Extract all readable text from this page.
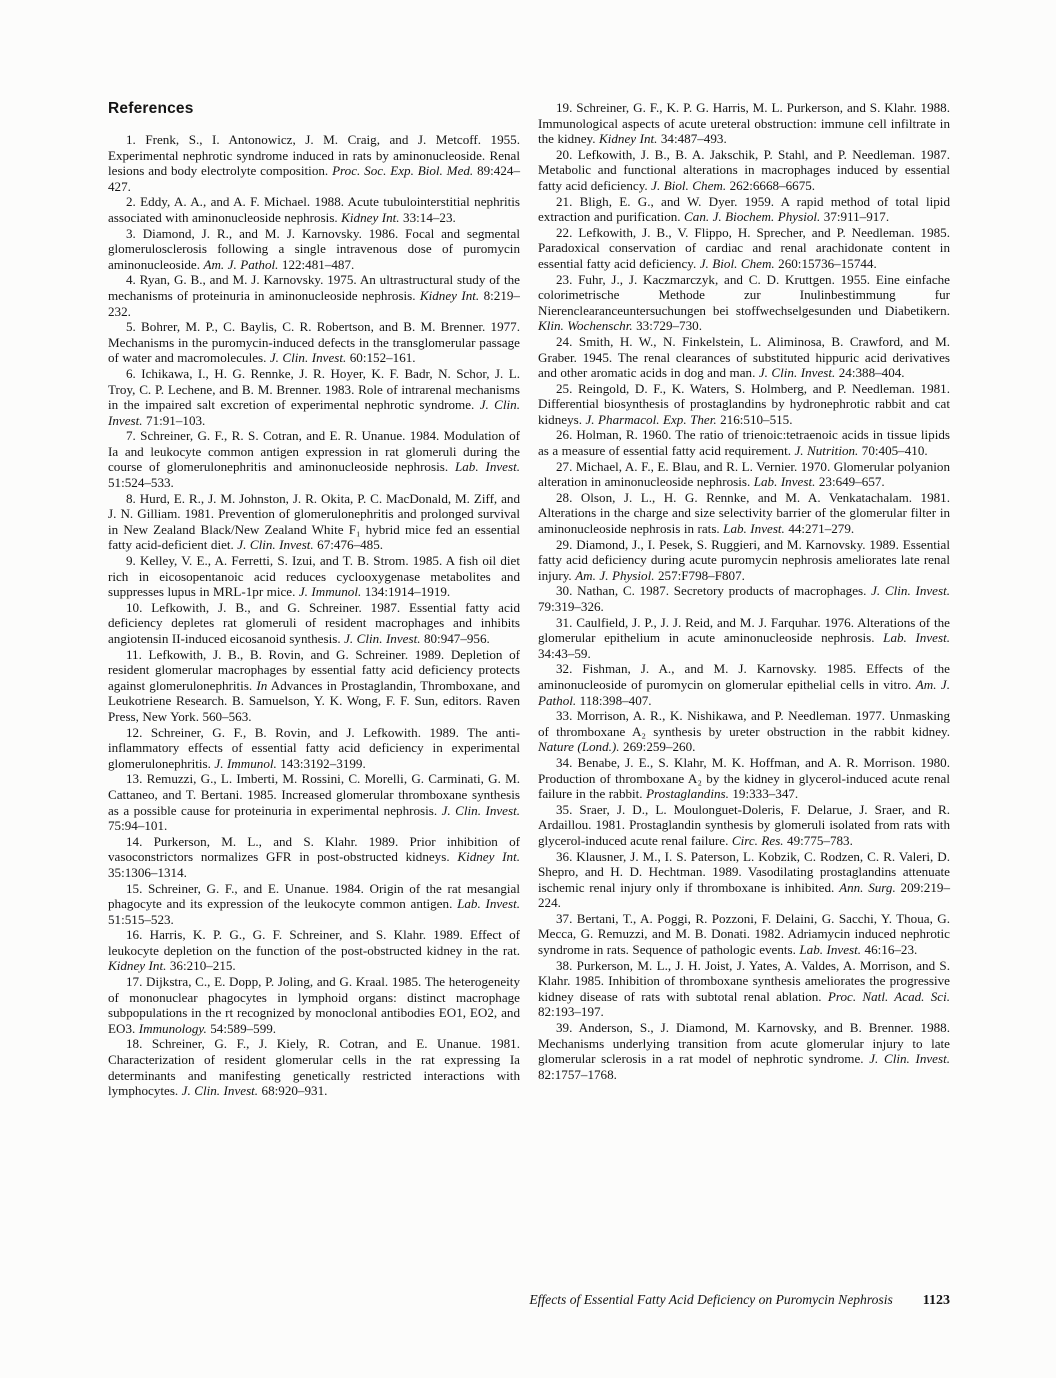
References

1. Frenk, S., I. Antonowicz, J. M. Craig, and J. Metcoff. 1955. Experimental nephrotic syndrome induced in rats by aminonucleoside. Renal lesions and body electrolyte composition. Proc. Soc. Exp. Biol. Med. 89:424–427.

2. Eddy, A. A., and A. F. Michael. 1988. Acute tubulointerstitial nephritis associated with aminonucleoside nephrosis. Kidney Int. 33:14–23.

3. Diamond, J. R., and M. J. Karnovsky. 1986. Focal and segmental glomerulosclerosis following a single intravenous dose of puromycin aminonucleoside. Am. J. Pathol. 122:481–487.

4. Ryan, G. B., and M. J. Karnovsky. 1975. An ultrastructural study of the mechanisms of proteinuria in aminonucleoside nephrosis. Kidney Int. 8:219–232.

5. Bohrer, M. P., C. Baylis, C. R. Robertson, and B. M. Brenner. 1977. Mechanisms in the puromycin-induced defects in the transglomerular passage of water and macromolecules. J. Clin. Invest. 60:152–161.

6. Ichikawa, I., H. G. Rennke, J. R. Hoyer, K. F. Badr, N. Schor, J. L. Troy, C. P. Lechene, and B. M. Brenner. 1983. Role of intrarenal mechanisms in the impaired salt excretion of experimental nephrotic syndrome. J. Clin. Invest. 71:91–103.

7. Schreiner, G. F., R. S. Cotran, and E. R. Unanue. 1984. Modulation of Ia and leukocyte common antigen expression in rat glomeruli during the course of glomerulonephritis and aminonucleoside nephrosis. Lab. Invest. 51:524–533.

8. Hurd, E. R., J. M. Johnston, J. R. Okita, P. C. MacDonald, M. Ziff, and J. N. Gilliam. 1981. Prevention of glomerulonephritis and prolonged survival in New Zealand Black/New Zealand White F₁ hybrid mice fed an essential fatty acid-deficient diet. J. Clin. Invest. 67:476–485.

9. Kelley, V. E., A. Ferretti, S. Izui, and T. B. Strom. 1985. A fish oil diet rich in eicosopentanoic acid reduces cyclooxygenase metabolites and suppresses lupus in MRL-1pr mice. J. Immunol. 134:1914–1919.

10. Lefkowith, J. B., and G. Schreiner. 1987. Essential fatty acid deficiency depletes rat glomeruli of resident macrophages and inhibits angiotensin II-induced eicosanoid synthesis. J. Clin. Invest. 80:947–956.

11. Lefkowith, J. B., B. Rovin, and G. Schreiner. 1989. Depletion of resident glomerular macrophages by essential fatty acid deficiency protects against glomerulonephritis. In Advances in Prostaglandin, Thromboxane, and Leukotriene Research. B. Samuelson, Y. K. Wong, F. F. Sun, editors. Raven Press, New York. 560–563.

12. Schreiner, G. F., B. Rovin, and J. Lefkowith. 1989. The anti-inflammatory effects of essential fatty acid deficiency in experimental glomerulonephritis. J. Immunol. 143:3192–3199.

13. Remuzzi, G., L. Imberti, M. Rossini, C. Morelli, G. Carminati, G. M. Cattaneo, and T. Bertani. 1985. Increased glomerular thromboxane synthesis as a possible cause for proteinuria in experimental nephrosis. J. Clin. Invest. 75:94–101.

14. Purkerson, M. L., and S. Klahr. 1989. Prior inhibition of vasoconstrictors normalizes GFR in post-obstructed kidneys. Kidney Int. 35:1306–1314.

15. Schreiner, G. F., and E. Unanue. 1984. Origin of the rat mesangial phagocyte and its expression of the leukocyte common antigen. Lab. Invest. 51:515–523.

16. Harris, K. P. G., G. F. Schreiner, and S. Klahr. 1989. Effect of leukocyte depletion on the function of the post-obstructed kidney in the rat. Kidney Int. 36:210–215.

17. Dijkstra, C., E. Dopp, P. Joling, and G. Kraal. 1985. The heterogeneity of mononuclear phagocytes in lymphoid organs: distinct macrophage subpopulations in the rt recognized by monoclonal antibodies EO1, EO2, and EO3. Immunology. 54:589–599.

18. Schreiner, G. F., J. Kiely, R. Cotran, and E. Unanue. 1981. Characterization of resident glomerular cells in the rat expressing Ia determinants and manifesting genetically restricted interactions with lymphocytes. J. Clin. Invest. 68:920–931.

19. Schreiner, G. F., K. P. G. Harris, M. L. Purkerson, and S. Klahr. 1988. Immunological aspects of acute ureteral obstruction: immune cell infiltrate in the kidney. Kidney Int. 34:487–493.

20. Lefkowith, J. B., B. A. Jakschik, P. Stahl, and P. Needleman. 1987. Metabolic and functional alterations in macrophages induced by essential fatty acid deficiency. J. Biol. Chem. 262:6668–6675.

21. Bligh, E. G., and W. Dyer. 1959. A rapid method of total lipid extraction and purification. Can. J. Biochem. Physiol. 37:911–917.

22. Lefkowith, J. B., V. Flippo, H. Sprecher, and P. Needleman. 1985. Paradoxical conservation of cardiac and renal arachidonate content in essential fatty acid deficiency. J. Biol. Chem. 260:15736–15744.

23. Fuhr, J., J. Kaczmarczyk, and C. D. Kruttgen. 1955. Eine einfache colorimetrische Methode zur Inulinbestimmung fur Nierenclearanceuntersuchungen bei stoffwechselgesunden und Diabetikern. Klin. Wochenschr. 33:729–730.

24. Smith, H. W., N. Finkelstein, L. Aliminosa, B. Crawford, and M. Graber. 1945. The renal clearances of substituted hippuric acid derivatives and other aromatic acids in dog and man. J. Clin. Invest. 24:388–404.

25. Reingold, D. F., K. Waters, S. Holmberg, and P. Needleman. 1981. Differential biosynthesis of prostaglandins by hydronephrotic rabbit and cat kidneys. J. Pharmacol. Exp. Ther. 216:510–515.

26. Holman, R. 1960. The ratio of trienoic:tetraenoic acids in tissue lipids as a measure of essential fatty acid requirement. J. Nutrition. 70:405–410.

27. Michael, A. F., E. Blau, and R. L. Vernier. 1970. Glomerular polyanion alteration in aminonucleoside nephrosis. Lab. Invest. 23:649–657.

28. Olson, J. L., H. G. Rennke, and M. A. Venkatachalam. 1981. Alterations in the charge and size selectivity barrier of the glomerular filter in aminonucleoside nephrosis in rats. Lab. Invest. 44:271–279.

29. Diamond, J., I. Pesek, S. Ruggieri, and M. Karnovsky. 1989. Essential fatty acid deficiency during acute puromycin nephrosis ameliorates late renal injury. Am. J. Physiol. 257:F798–F807.

30. Nathan, C. 1987. Secretory products of macrophages. J. Clin. Invest. 79:319–326.

31. Caulfield, J. P., J. J. Reid, and M. J. Farquhar. 1976. Alterations of the glomerular epithelium in acute aminonucleoside nephrosis. Lab. Invest. 34:43–59.

32. Fishman, J. A., and M. J. Karnovsky. 1985. Effects of the aminonucleoside of puromycin on glomerular epithelial cells in vitro. Am. J. Pathol. 118:398–407.

33. Morrison, A. R., K. Nishikawa, and P. Needleman. 1977. Unmasking of thromboxane A₂ synthesis by ureter obstruction in the rabbit kidney. Nature (Lond.). 269:259–260.

34. Benabe, J. E., S. Klahr, M. K. Hoffman, and A. R. Morrison. 1980. Production of thromboxane A₂ by the kidney in glycerol-induced acute renal failure in the rabbit. Prostaglandins. 19:333–347.

35. Sraer, J. D., L. Moulonguet-Doleris, F. Delarue, J. Sraer, and R. Ardaillou. 1981. Prostaglandin synthesis by glomeruli isolated from rats with glycerol-induced acute renal failure. Circ. Res. 49:775–783.

36. Klausner, J. M., I. S. Paterson, L. Kobzik, C. Rodzen, C. R. Valeri, D. Shepro, and H. D. Hechtman. 1989. Vasodilating prostaglandins attenuate ischemic renal injury only if thromboxane is inhibited. Ann. Surg. 209:219–224.

37. Bertani, T., A. Poggi, R. Pozzoni, F. Delaini, G. Sacchi, Y. Thoua, G. Mecca, G. Remuzzi, and M. B. Donati. 1982. Adriamycin induced nephrotic syndrome in rats. Sequence of pathologic events. Lab. Invest. 46:16–23.

38. Purkerson, M. L., J. H. Joist, J. Yates, A. Valdes, A. Morrison, and S. Klahr. 1985. Inhibition of thromboxane synthesis ameliorates the progressive kidney disease of rats with subtotal renal ablation. Proc. Natl. Acad. Sci. 82:193–197.

39. Anderson, S., J. Diamond, M. Karnovsky, and B. Brenner. 1988. Mechanisms underlying transition from acute glomerular injury to late glomerular sclerosis in a rat model of nephrotic syndrome. J. Clin. Invest. 82:1757–1768.

Effects of Essential Fatty Acid Deficiency on Puromycin Nephrosis 1123
